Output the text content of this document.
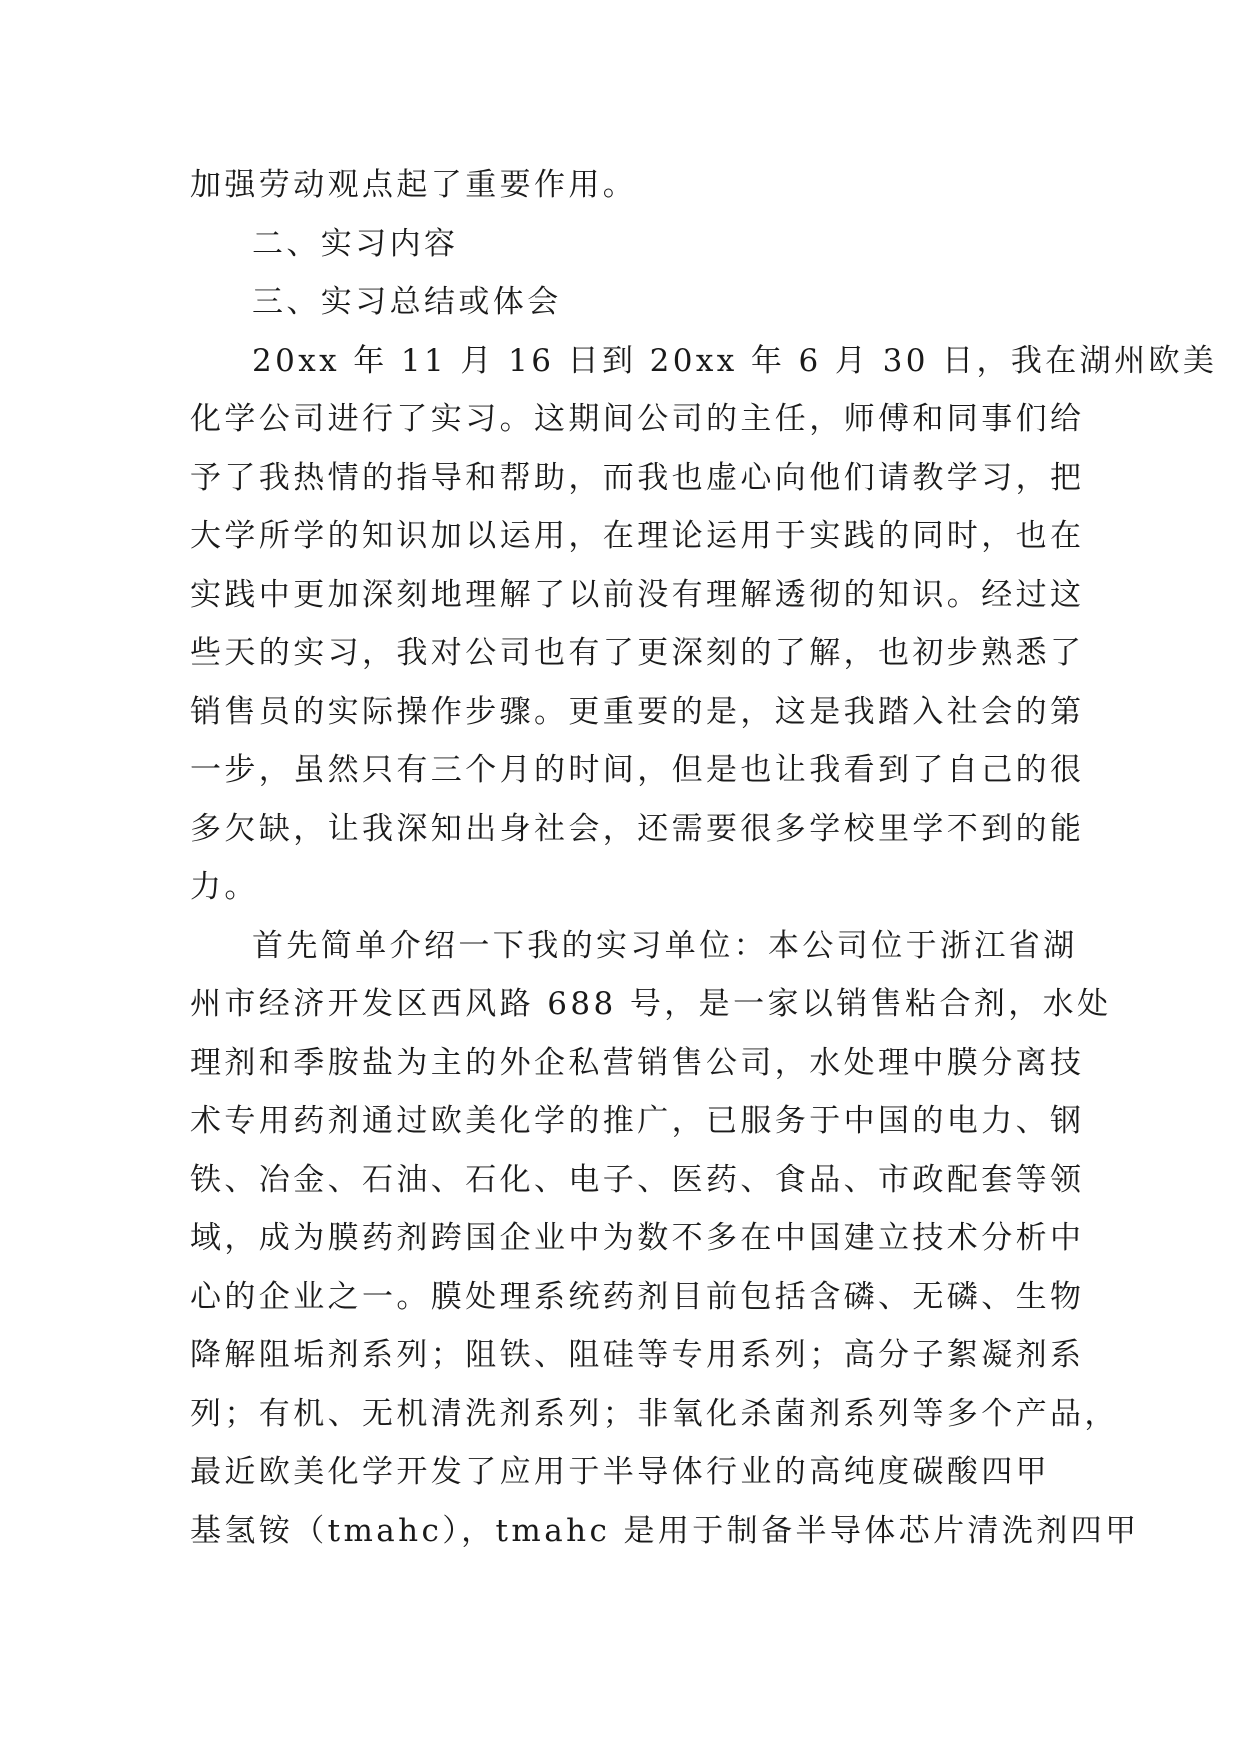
加强劳动观点起了重要作用。
二、实习内容
三、实习总结或体会
20xx 年 11 月 16 日到 20xx 年 6 月 30 日，我在湖州欧美
化学公司进行了实习。这期间公司的主任，师傅和同事们给
予了我热情的指导和帮助，而我也虚心向他们请教学习，把
大学所学的知识加以运用，在理论运用于实践的同时，也在
实践中更加深刻地理解了以前没有理解透彻的知识。经过这
些天的实习，我对公司也有了更深刻的了解，也初步熟悉了
销售员的实际操作步骤。更重要的是，这是我踏入社会的第
一步，虽然只有三个月的时间，但是也让我看到了自己的很
多欠缺，让我深知出身社会，还需要很多学校里学不到的能
力。
首先简单介绍一下我的实习单位：本公司位于浙江省湖
州市经济开发区西风路 688 号，是一家以销售粘合剂，水处
理剂和季胺盐为主的外企私营销售公司，水处理中膜分离技
术专用药剂通过欧美化学的推广，已服务于中国的电力、钢
铁、冶金、石油、石化、电子、医药、食品、市政配套等领
域，成为膜药剂跨国企业中为数不多在中国建立技术分析中
心的企业之一。膜处理系统药剂目前包括含磷、无磷、生物
降解阻垢剂系列；阻铁、阻硅等专用系列；高分子絮凝剂系
列；有机、无机清洗剂系列；非氧化杀菌剂系列等多个产品，
最近欧美化学开发了应用于半导体行业的高纯度碳酸四甲
基氢铵（tmahc），tmahc 是用于制备半导体芯片清洗剂四甲
